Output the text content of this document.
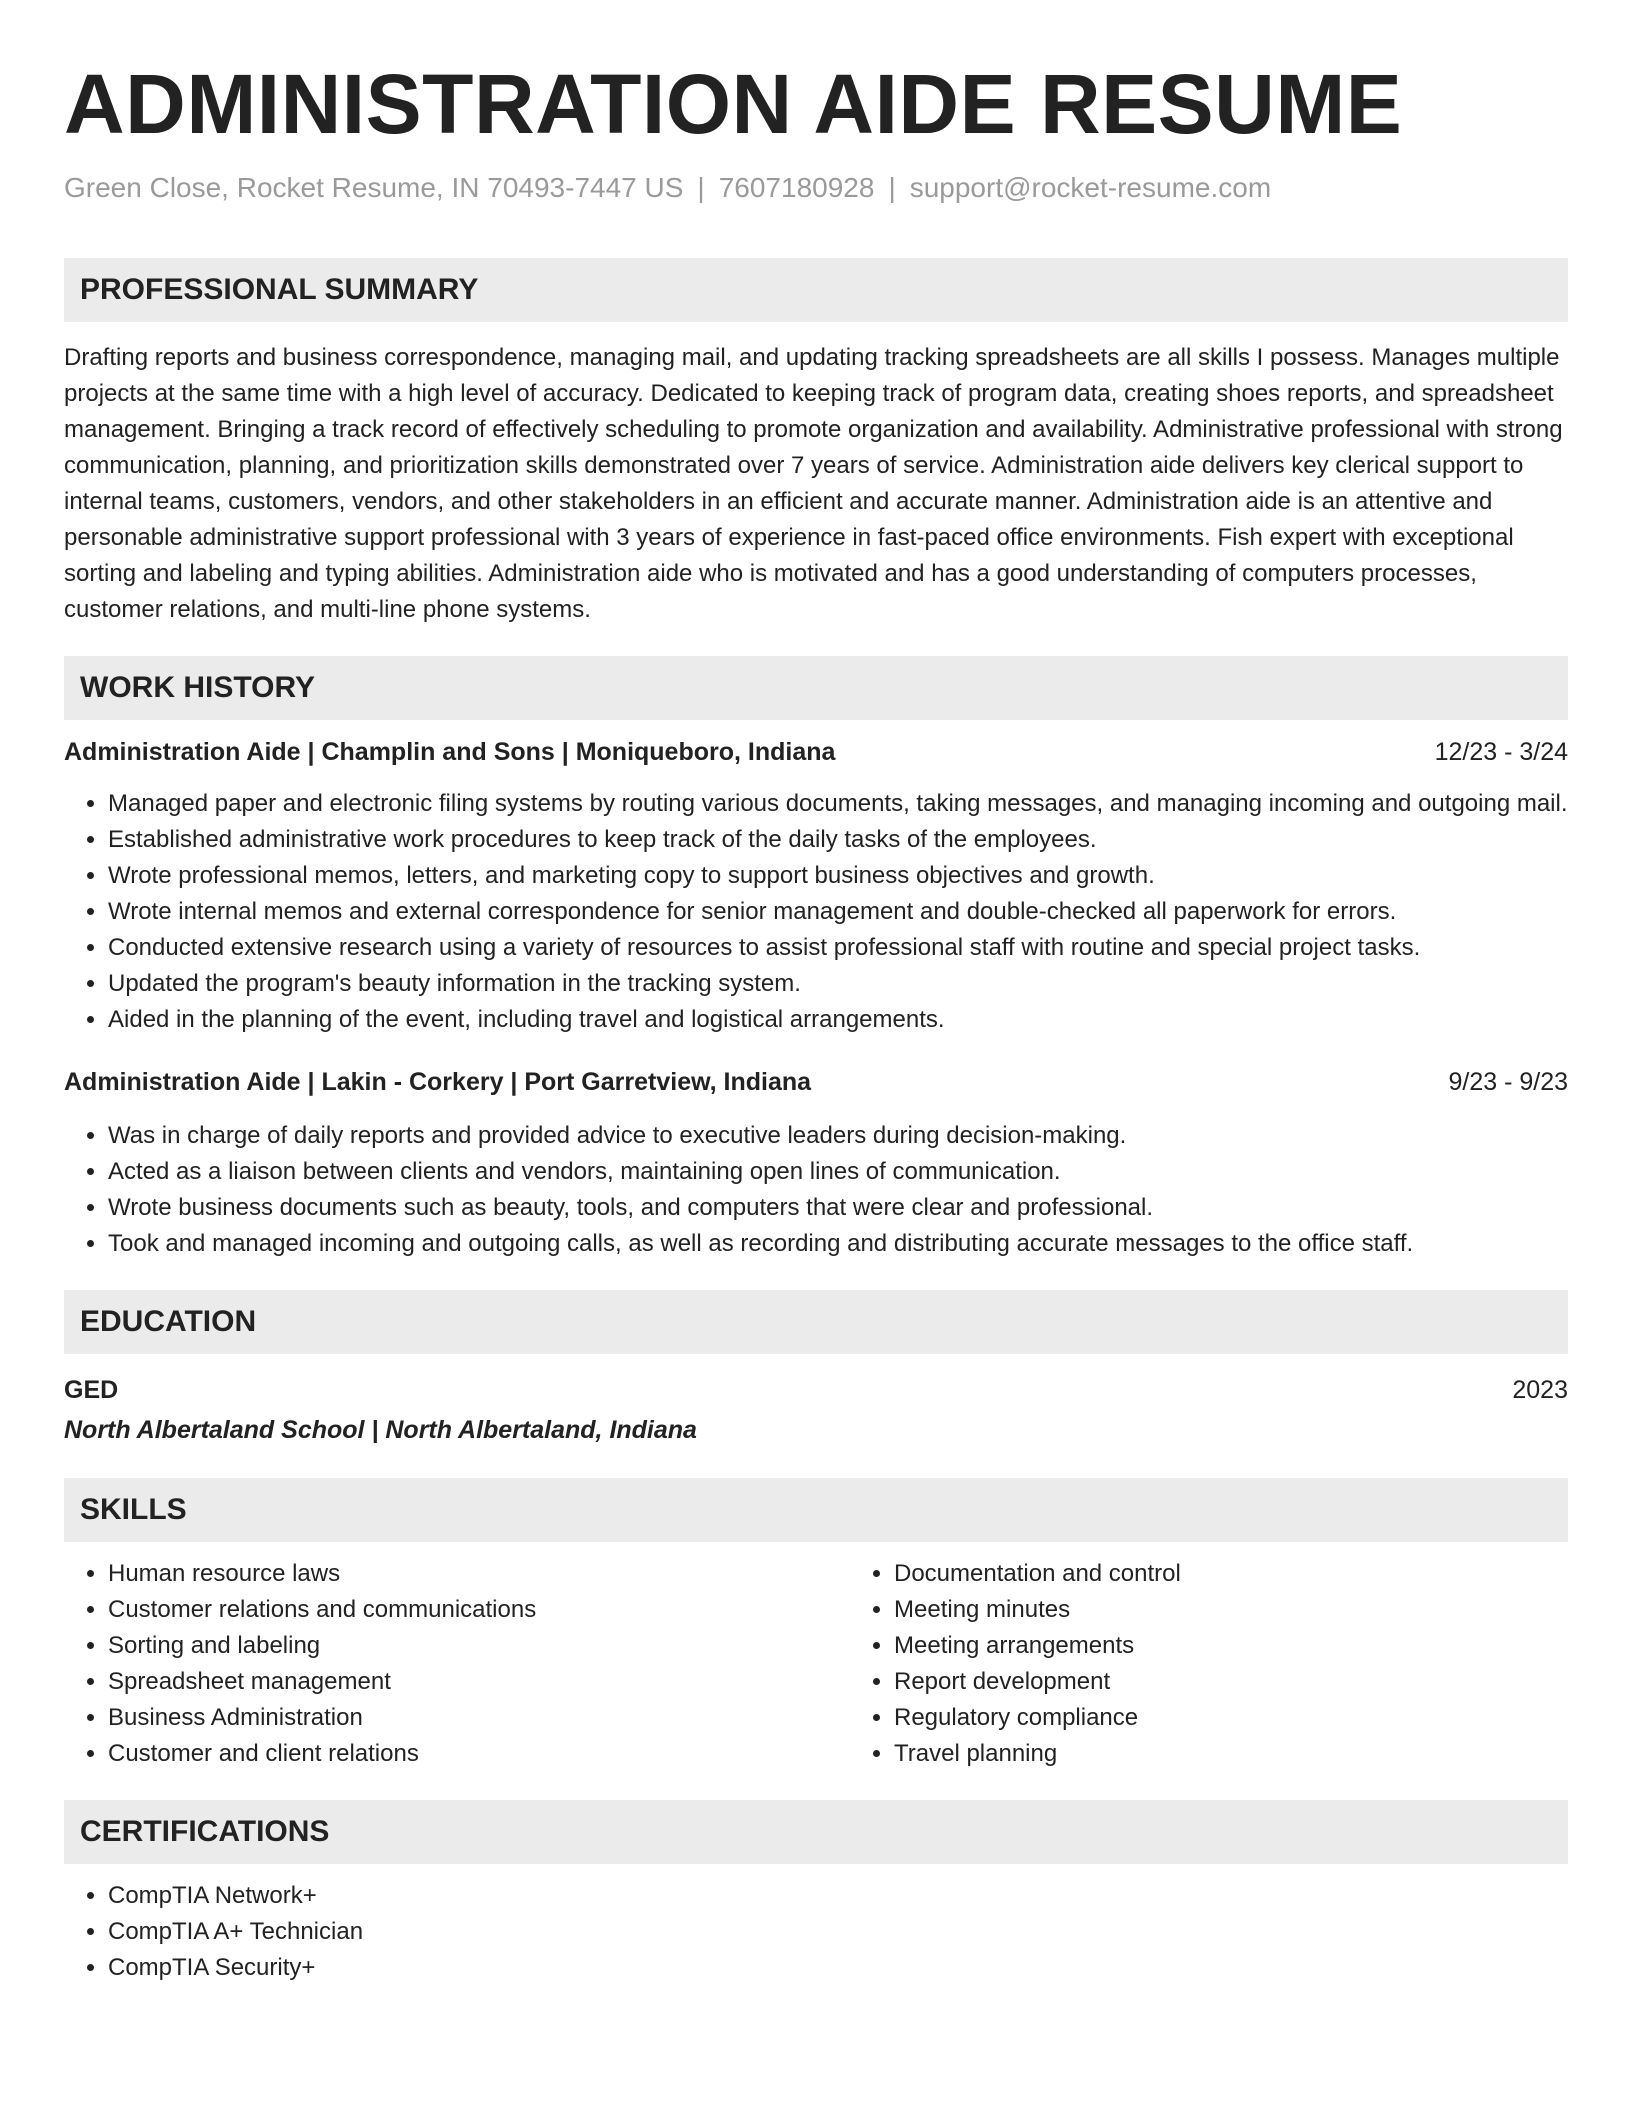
ADMINISTRATION AIDE RESUME
Green Close, Rocket Resume, IN 70493-7447 US | 7607180928 | support@rocket-resume.com
PROFESSIONAL SUMMARY

Drafting reports and business correspondence, managing mail, and updating tracking spreadsheets are all skills I possess. Manages multiple projects at the same time with a high level of accuracy. Dedicated to keeping track of program data, creating shoes reports, and spreadsheet management. Bringing a track record of effectively scheduling to promote organization and availability. Administrative professional with strong communication, planning, and prioritization skills demonstrated over 7 years of service. Administration aide delivers key clerical support to internal teams, customers, vendors, and other stakeholders in an efficient and accurate manner. Administration aide is an attentive and personable administrative support professional with 3 years of experience in fast-paced office environments. Fish expert with exceptional sorting and labeling and typing abilities. Administration aide who is motivated and has a good understanding of computers processes, customer relations, and multi-line phone systems.

WORK HISTORY
Administration Aide | Champlin and Sons | Moniqueboro, Indiana	12/23 - 3/24
• Managed paper and electronic filing systems by routing various documents, taking messages, and managing incoming and outgoing mail.
• Established administrative work procedures to keep track of the daily tasks of the employees.
• Wrote professional memos, letters, and marketing copy to support business objectives and growth.
• Wrote internal memos and external correspondence for senior management and double-checked all paperwork for errors.
• Conducted extensive research using a variety of resources to assist professional staff with routine and special project tasks.
• Updated the program's beauty information in the tracking system.
• Aided in the planning of the event, including travel and logistical arrangements.
Administration Aide | Lakin - Corkery | Port Garretview, Indiana	9/23 - 9/23
• Was in charge of daily reports and provided advice to executive leaders during decision-making.
• Acted as a liaison between clients and vendors, maintaining open lines of communication.
• Wrote business documents such as beauty, tools, and computers that were clear and professional.
• Took and managed incoming and outgoing calls, as well as recording and distributing accurate messages to the office staff.
EDUCATION
GED	2023
North Albertaland School | North Albertaland, Indiana
SKILLS
• Human resource laws
• Customer relations and communications
• Sorting and labeling
• Spreadsheet management
• Business Administration
• Customer and client relations
• Documentation and control
• Meeting minutes
• Meeting arrangements
• Report development
• Regulatory compliance
• Travel planning
CERTIFICATIONS
• CompTIA Network+
• CompTIA A+ Technician
• CompTIA Security+
